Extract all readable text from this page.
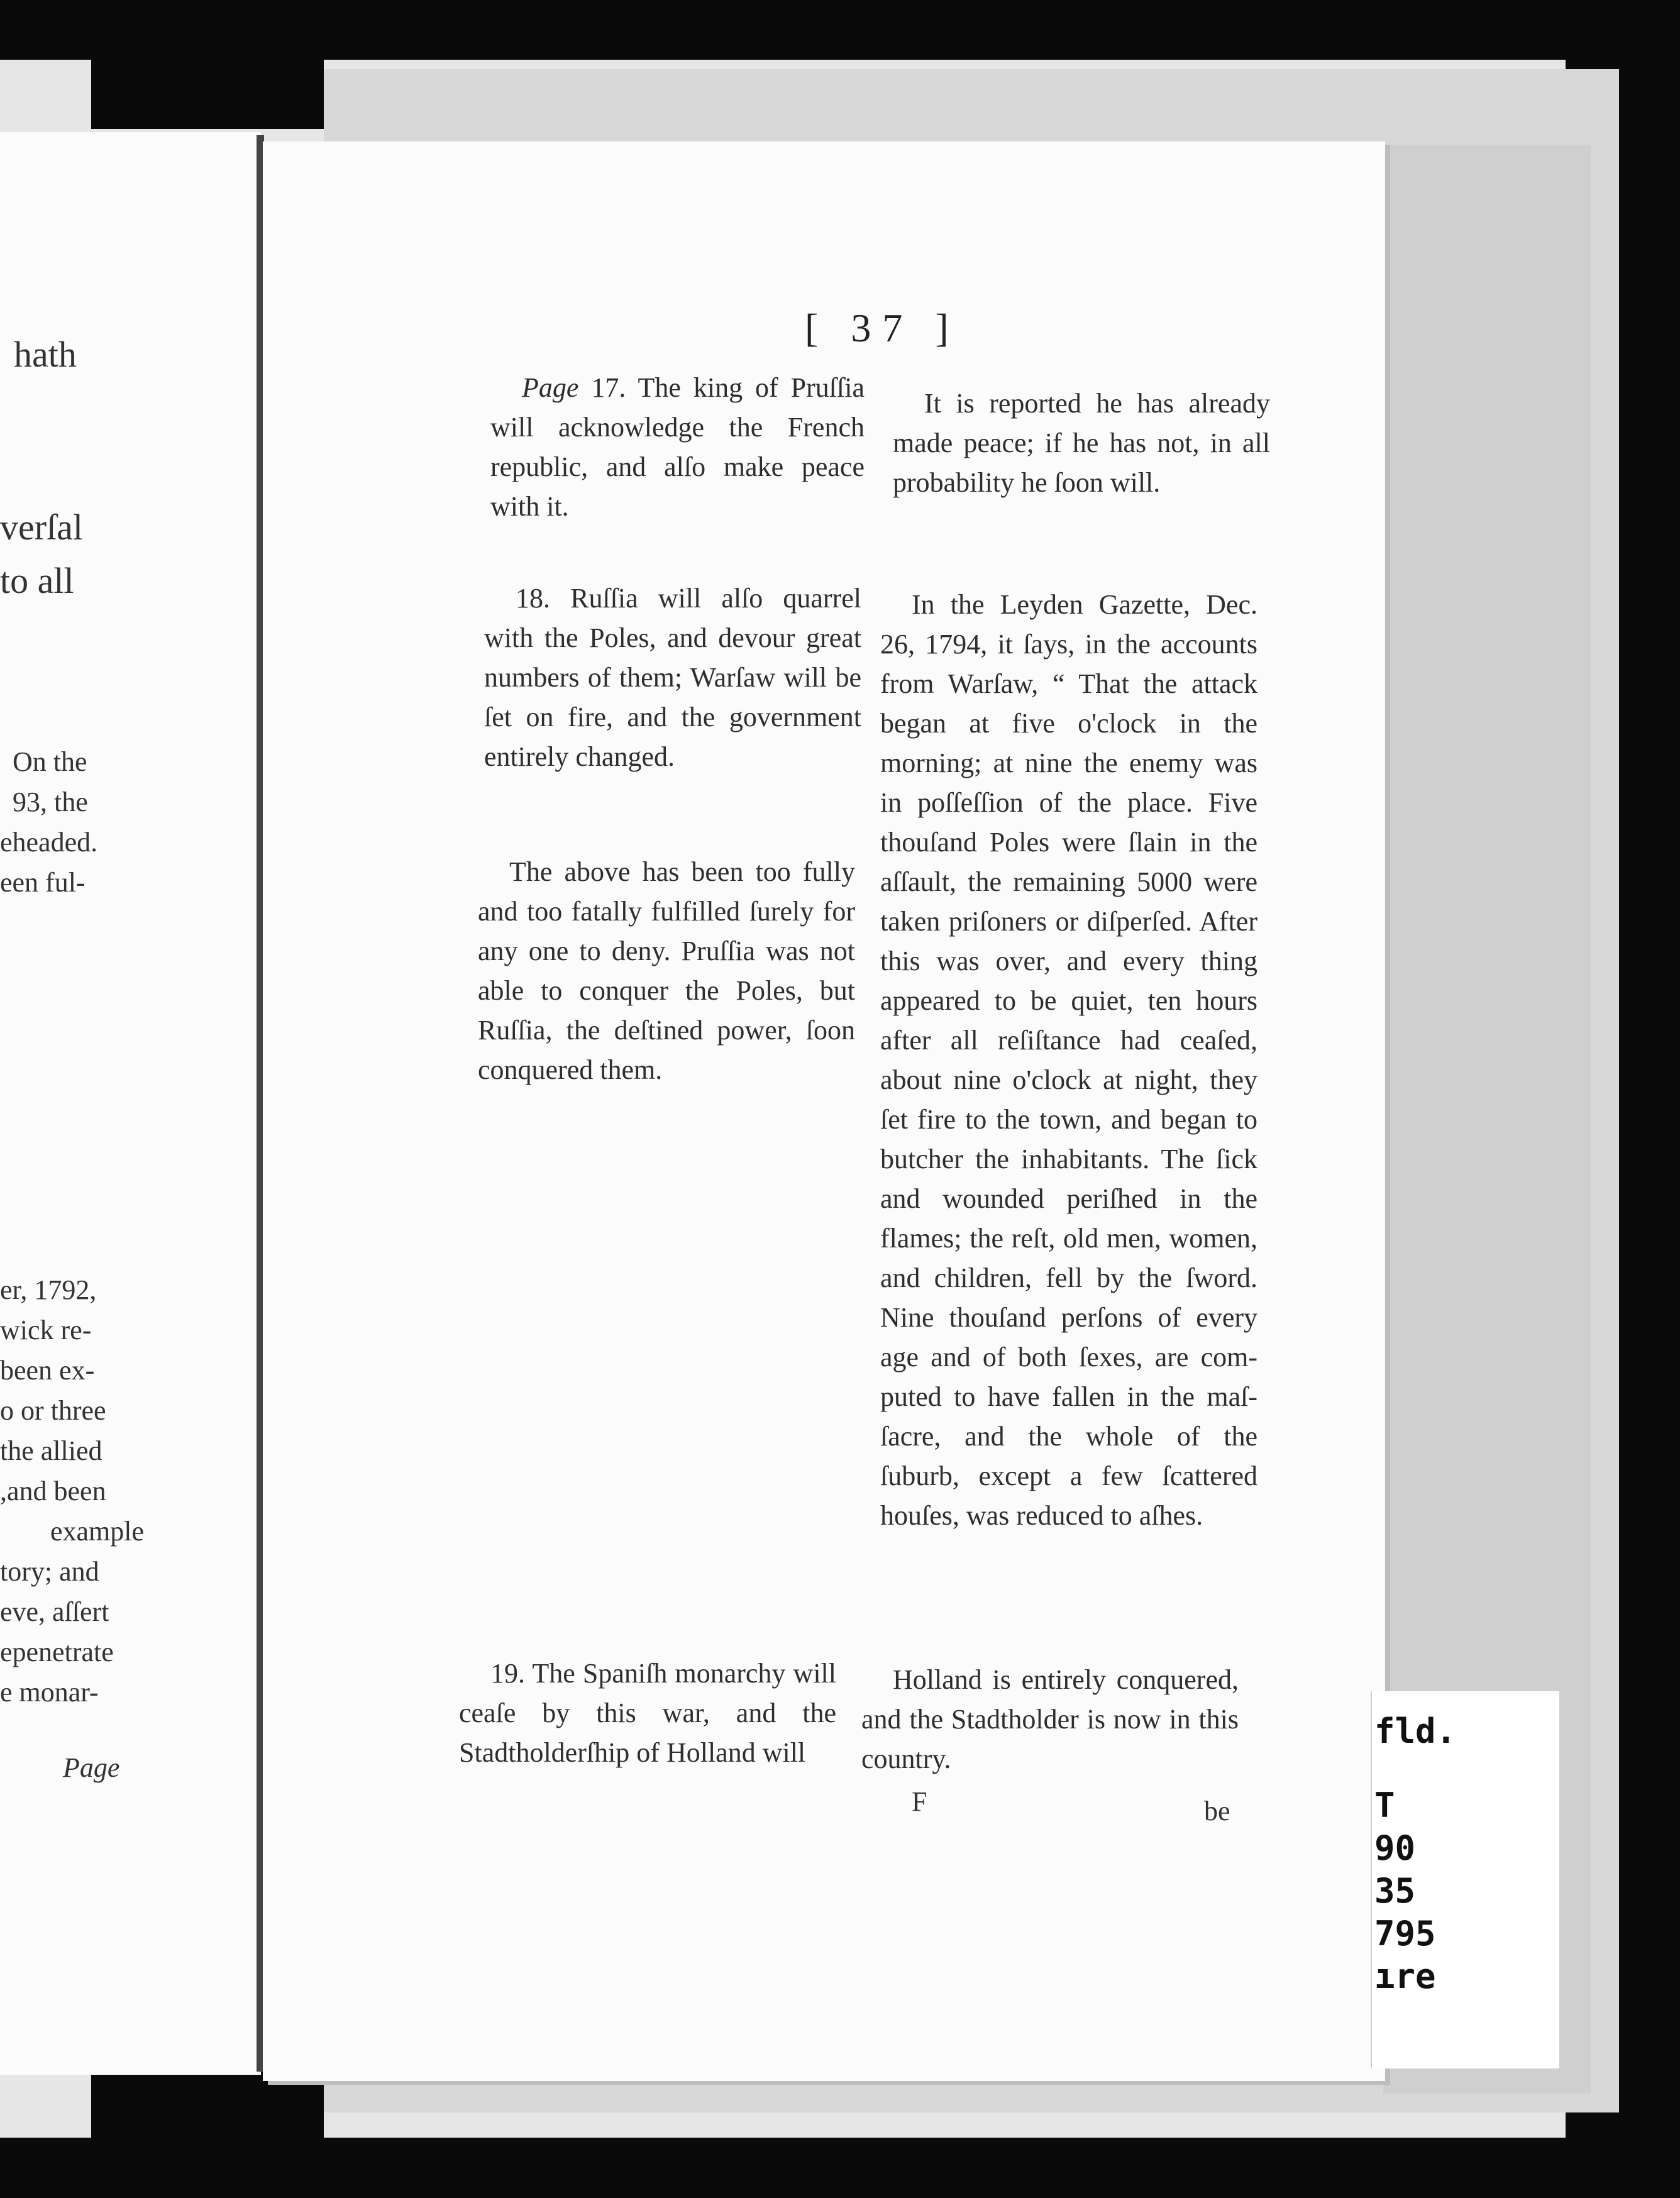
hath
verſal
to all
On the
93, the
eheaded.
een ful-
er, 1792,
wick re-
been ex-
o or three
the allied
,and been
example
tory; and
eve, aſſert
epenetrate
e monar-
Page
[ 37 ]

Page 17. The king of Pruſſia will acknowledge the French republic, and alſo make peace with it.

18. Ruſſia will alſo quarrel with the Poles, and devour great numbers of them; Warſaw will be ſet on fire, and the government entirely changed.

The above has been too fully and too fatally fulfilled ſurely for any one to deny. Pruſſia was not able to conquer the Poles, but Ruſſia, the deſtined power, ſoon conquered them.

19. The Spaniſh monarchy will ceaſe by this war, and the Stadtholderſhip of Holland will

It is reported he has already made peace; if he has not, in all probability he ſoon will.

In the Leyden Gazette, Dec. 26, 1794, it ſays, in the accounts from Warſaw, “ That the attack began at five o'clock in the morning; at nine the enemy was in poſſeſſion of the place. Five thouſand Poles were ſlain in the aſſault, the remaining 5000 were taken priſoners or diſperſed. After this was over, and every thing appeared to be quiet, ten hours after all reſiſtance had ceaſed, about nine o'clock at night, they ſet fire to the town, and began to butcher the inhabitants. The ſick and wounded periſhed in the flames; the reſt, old men, women, and children, fell by the ſword. Nine thouſand perſons of every age and of both ſexes, are computed to have fallen in the maſſacre, and the whole of the ſuburb, except a few ſcattered houſes, was reduced to aſhes.

Holland is entirely conquered, and the Stadtholder is now in this country.

F	be
fld.
T
90
35
795
ıre
